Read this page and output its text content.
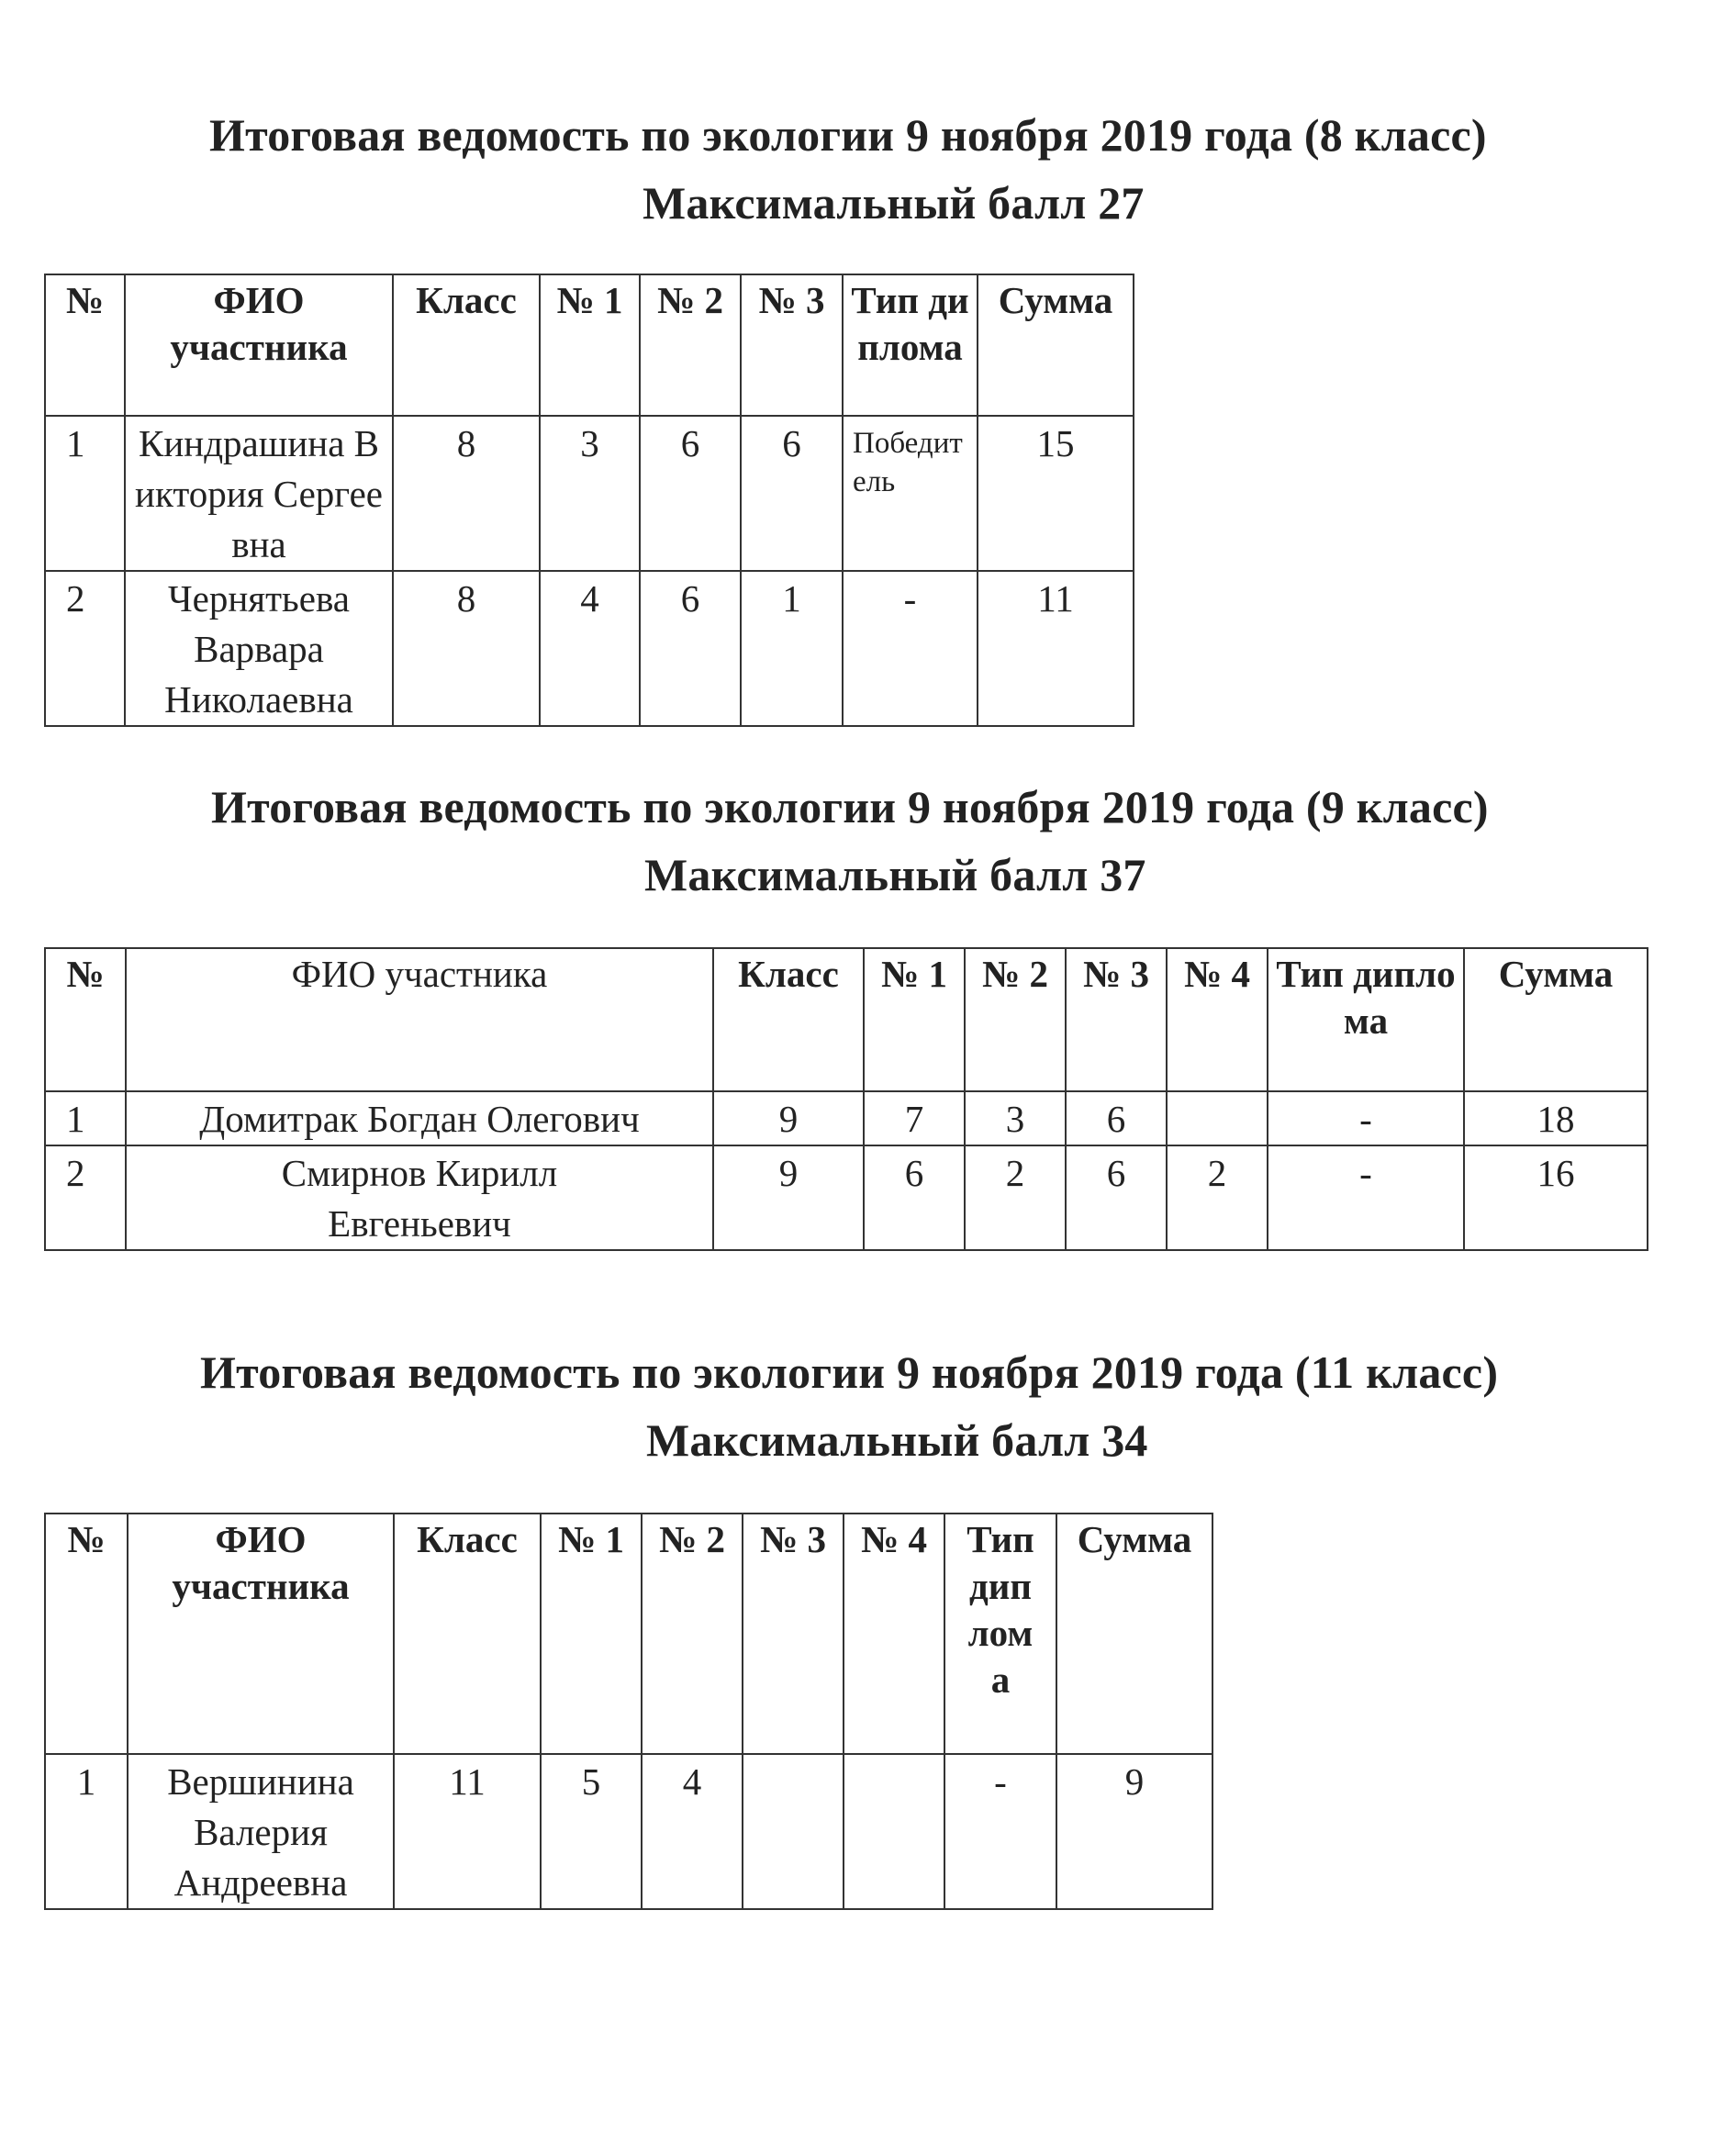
Итоговая ведомость по экологии 9 ноября 2019 года (8 класс)
Максимальный балл 27
№	ФИО участника	Класс	№ 1	№ 2	№ 3	Тип диплома	Сумма
1	Киндрашина Виктория Сергеевна	8	3	6	6	Победитель	15
2	Чернятьева Варвара Николаевна	8	4	6	1	-	11
Итоговая ведомость по экологии 9 ноября 2019 года (9 класс)
Максимальный балл 37
№	ФИО участника	Класс	№ 1	№ 2	№ 3	№ 4	Тип диплома	Сумма
1	Домитрак Богдан Олегович	9	7	3	6		-	18
2	Смирнов Кирилл Евгеньевич	9	6	2	6	2	-	16
Итоговая ведомость по экологии 9 ноября 2019 года (11 класс)
Максимальный балл 34
№	ФИО участника	Класс	№ 1	№ 2	№ 3	№ 4	Тип диплома	Сумма
1	Вершинина Валерия Андреевна	11	5	4			-	9
